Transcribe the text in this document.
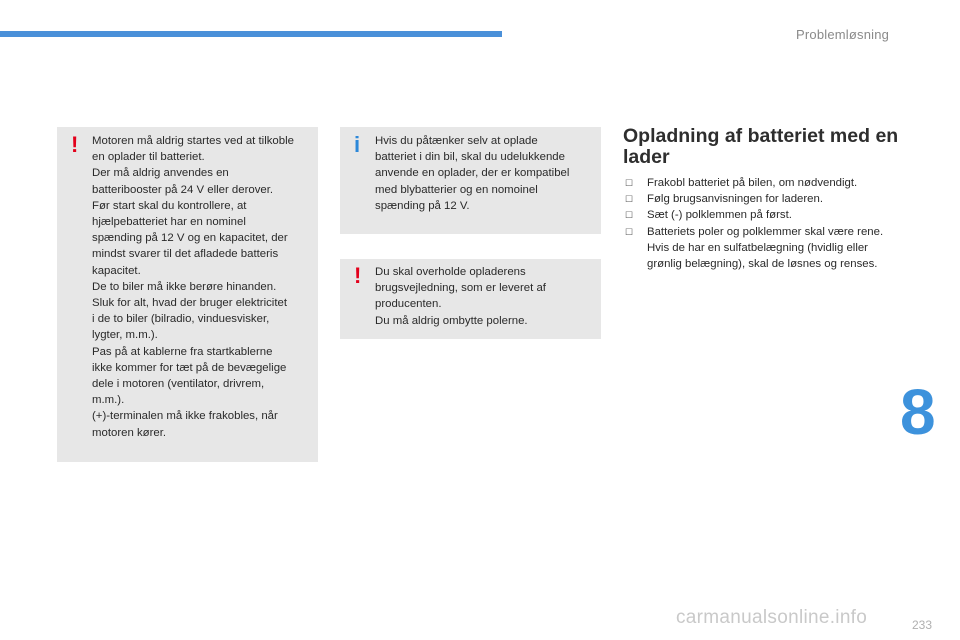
Problemløsning
! Motoren må aldrig startes ved at tilkoble
en oplader til batteriet.
Der må aldrig anvendes en
batteribooster på 24 V eller derover.
Før start skal du kontrollere, at
hjælpebatteriet har en nominel
spænding på 12 V og en kapacitet, der
mindst svarer til det afladede batteris
kapacitet.
De to biler må ikke berøre hinanden.
Sluk for alt, hvad der bruger elektricitet
i de to biler (bilradio, vinduesvisker,
lygter, m.m.).
Pas på at kablerne fra startkablerne
ikke kommer for tæt på de bevægelige
dele i motoren (ventilator, drivrem,
m.m.).
(+)-terminalen må ikke frakobles, når
motoren kører.
i Hvis du påtænker selv at oplade
batteriet i din bil, skal du udelukkende
anvende en oplader, der er kompatibel
med blybatterier og en nomoinel
spænding på 12 V.
! Du skal overholde opladerens
brugsvejledning, som er leveret af
producenten.
Du må aldrig ombytte polerne.
Opladning af batteriet med en lader
☐ Frakobl batteriet på bilen, om nødvendigt.
☐ Følg brugsanvisningen for laderen.
☐ Sæt (-) polklemmen på først.
☐ Batteriets poler og polklemmer skal være rene. Hvis de har en sulfatbelægning (hvidlig eller grønlig belægning), skal de løsnes og renses.
8
carmanualsonline.info	233
